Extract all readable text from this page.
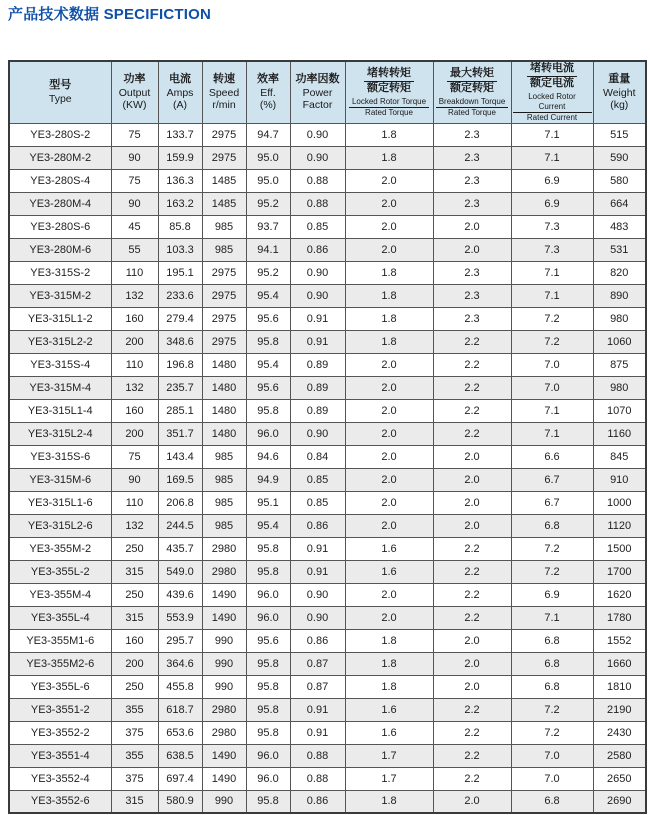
产品技术数据 SPECIFICTION
型号
Type

功率
Output
(KW)

电流
Amps
(A)

转速
Speed
r/min

效率
Eff.
(%)

功率因数
Power Factor

堵转转矩
额定转矩
Locked Rotor Torque
Rated Torque

最大转矩
额定转矩
Breakdown Torque
Rated Torque

堵转电流
额定电流
Locked Rotor Current
Rated Current

重量
Weight
(kg)

YE3-280S-2	75	133.7	2975	94.7	0.90	1.8	2.3	7.1	515
YE3-280M-2	90	159.9	2975	95.0	0.90	1.8	2.3	7.1	590
YE3-280S-4	75	136.3	1485	95.0	0.88	2.0	2.3	6.9	580
YE3-280M-4	90	163.2	1485	95.2	0.88	2.0	2.3	6.9	664
YE3-280S-6	45	85.8	985	93.7	0.85	2.0	2.0	7.3	483
YE3-280M-6	55	103.3	985	94.1	0.86	2.0	2.0	7.3	531
YE3-315S-2	110	195.1	2975	95.2	0.90	1.8	2.3	7.1	820
YE3-315M-2	132	233.6	2975	95.4	0.90	1.8	2.3	7.1	890
YE3-315L1-2	160	279.4	2975	95.6	0.91	1.8	2.3	7.2	980
YE3-315L2-2	200	348.6	2975	95.8	0.91	1.8	2.2	7.2	1060
YE3-315S-4	110	196.8	1480	95.4	0.89	2.0	2.2	7.0	875
YE3-315M-4	132	235.7	1480	95.6	0.89	2.0	2.2	7.0	980
YE3-315L1-4	160	285.1	1480	95.8	0.89	2.0	2.2	7.1	1070
YE3-315L2-4	200	351.7	1480	96.0	0.90	2.0	2.2	7.1	1160
YE3-315S-6	75	143.4	985	94.6	0.84	2.0	2.0	6.6	845
YE3-315M-6	90	169.5	985	94.9	0.85	2.0	2.0	6.7	910
YE3-315L1-6	110	206.8	985	95.1	0.85	2.0	2.0	6.7	1000
YE3-315L2-6	132	244.5	985	95.4	0.86	2.0	2.0	6.8	1120
YE3-355M-2	250	435.7	2980	95.8	0.91	1.6	2.2	7.2	1500
YE3-355L-2	315	549.0	2980	95.8	0.91	1.6	2.2	7.2	1700
YE3-355M-4	250	439.6	1490	96.0	0.90	2.0	2.2	6.9	1620
YE3-355L-4	315	553.9	1490	96.0	0.90	2.0	2.2	7.1	1780
YE3-355M1-6	160	295.7	990	95.6	0.86	1.8	2.0	6.8	1552
YE3-355M2-6	200	364.6	990	95.8	0.87	1.8	2.0	6.8	1660
YE3-355L-6	250	455.8	990	95.8	0.87	1.8	2.0	6.8	1810
YE3-3551-2	355	618.7	2980	95.8	0.91	1.6	2.2	7.2	2190
YE3-3552-2	375	653.6	2980	95.8	0.91	1.6	2.2	7.2	2430
YE3-3551-4	355	638.5	1490	96.0	0.88	1.7	2.2	7.0	2580
YE3-3552-4	375	697.4	1490	96.0	0.88	1.7	2.2	7.0	2650
YE3-3552-6	315	580.9	990	95.8	0.86	1.8	2.0	6.8	2690
